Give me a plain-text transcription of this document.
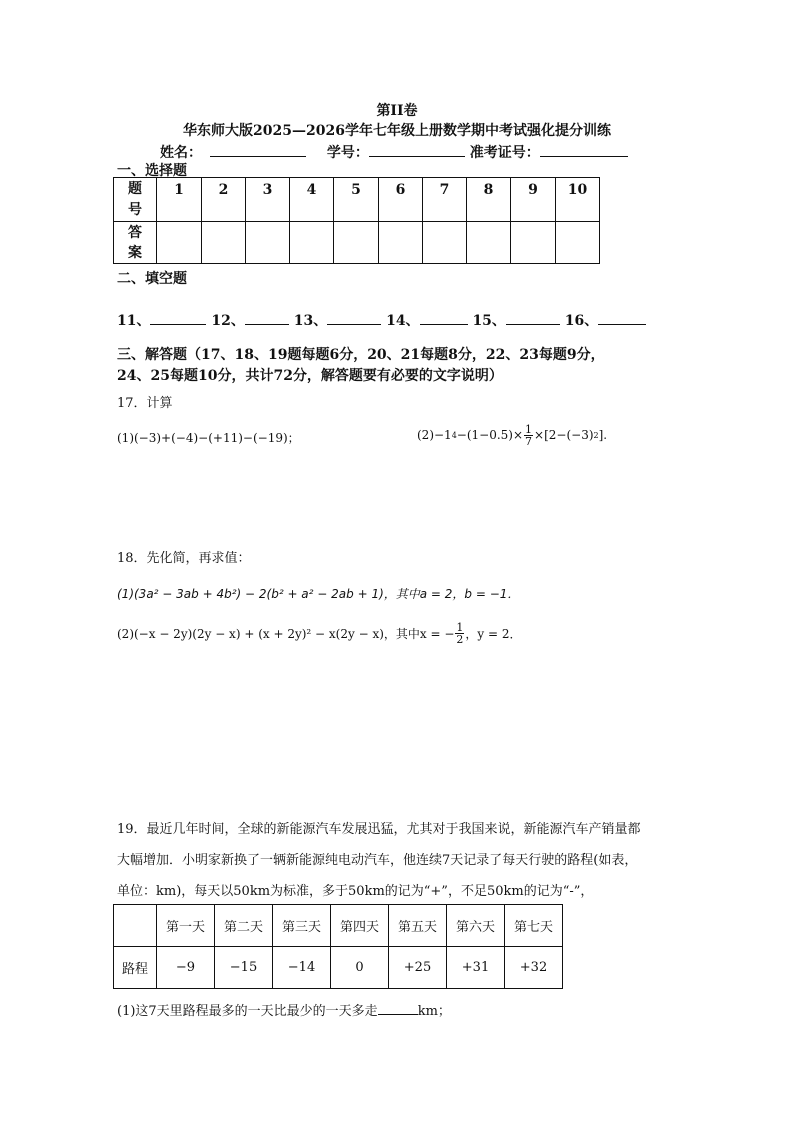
第II卷
华东师大版2025—2026学年七年级上册数学期中考试强化提分训练
姓名：	学号：	准考证号：
一、选择题
题
号	1	2	3	4	5	6	7	8	9	10
答
案										
二、填空题
11、	12、	13、	14、	15、	16、
三、解答题（17、18、19题每题6分，20、21每题8分，22、23每题9分，
24、25每题10分，共计72分，解答题要有必要的文字说明）
17．计算
(1)(−3)+(−4)−(+11)−(−19)；	(2)−1 $4 -(1-0.5)\times \frac{1}{7} \times[2-(-3)$ 2 ].
18．先化简，再求值：
(1)(3a² − 3ab + 4b²) − 2(b² + a² − 2ab + 1)，其中a = 2，b = −1．
(2)(−x − 2y)(2y − x) + (x + 2y)² − x(2y − x)，其中x = − $\frac{1}{2}$ ，y = 2．
19．最近几年时间，全球的新能源汽车发展迅猛，尤其对于我国来说，新能源汽车产销量都
大幅增加．小明家新换了一辆新能源纯电动汽车，他连续7天记录了每天行驶的路程(如表，
单位：km)，每天以50km为标准，多于50km的记为“+”，不足50km的记为“-”，
	第一天	第二天	第三天	第四天	第五天	第六天	第七天
路程	−9	−15	−14	0	+25	+31	+32
(1)这7天里路程最多的一天比最少的一天多走	km；
